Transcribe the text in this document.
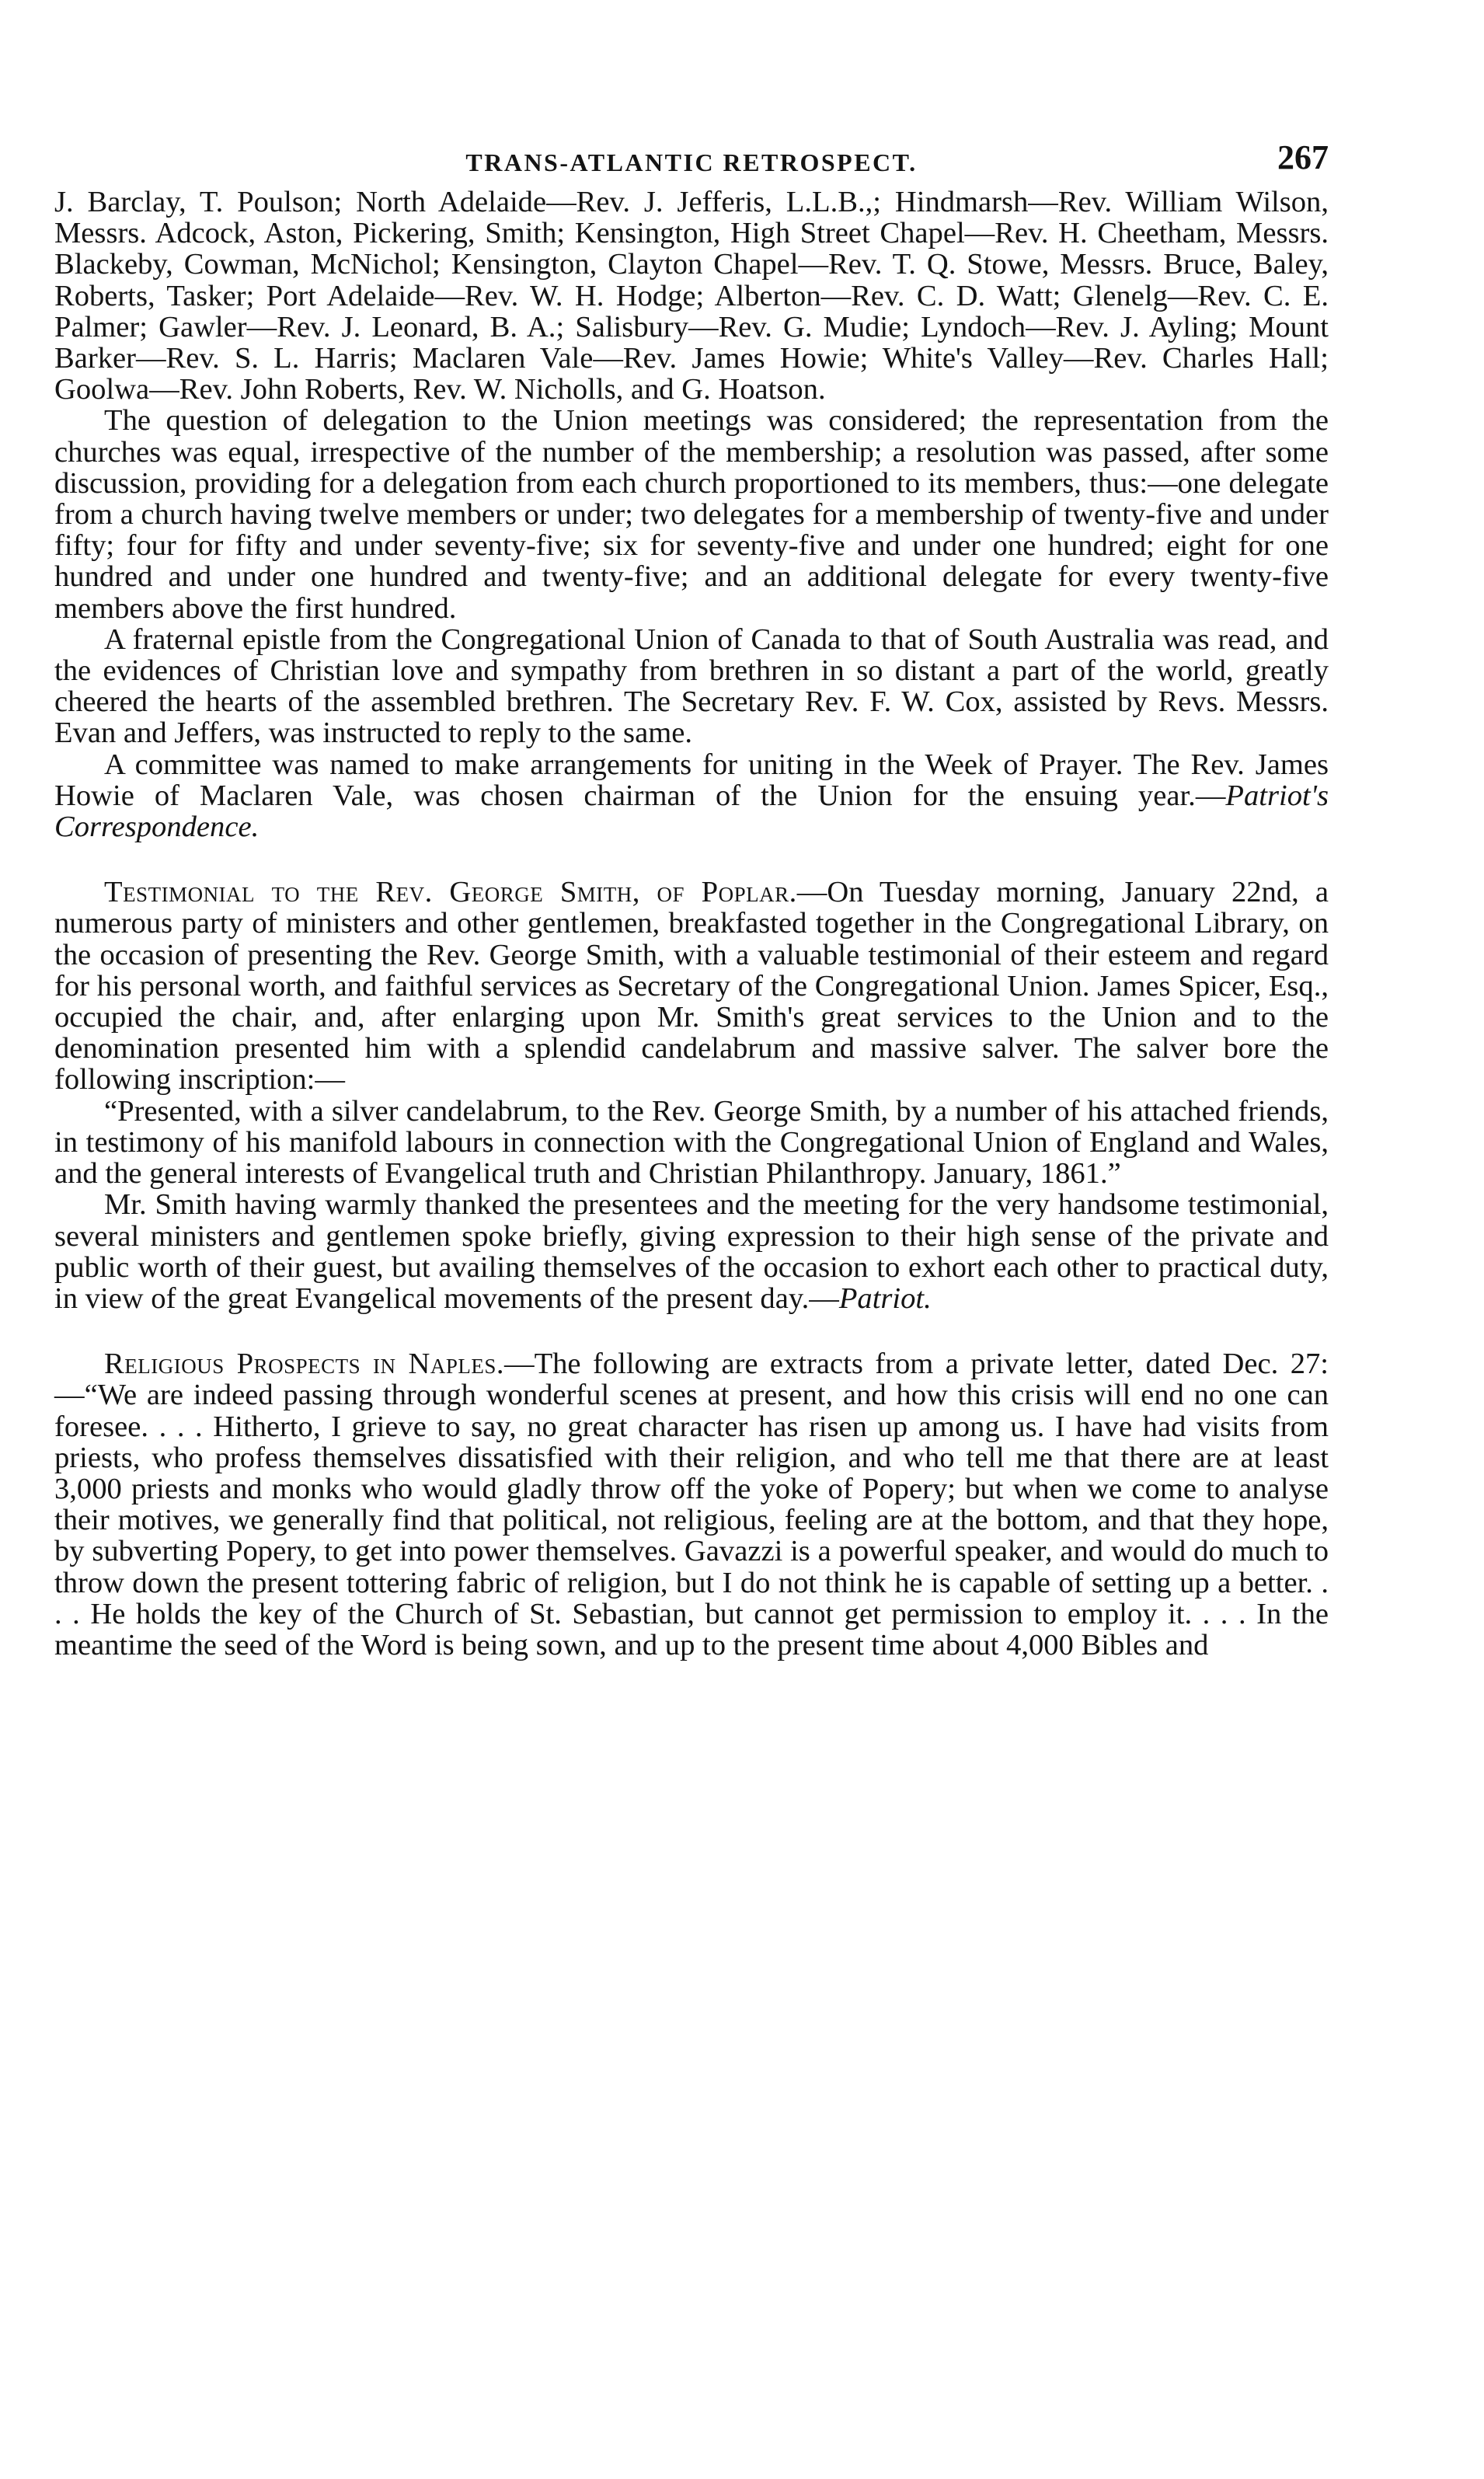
TRANS-ATLANTIC RETROSPECT.	267

J. Barclay, T. Poulson; North Adelaide—Rev. J. Jefferis, L.L.B.,; Hindmarsh—Rev. William Wilson, Messrs. Adcock, Aston, Pickering, Smith; Kensington, High Street Chapel—Rev. H. Cheetham, Messrs. Blackeby, Cowman, McNichol; Kensington, Clayton Chapel—Rev. T. Q. Stowe, Messrs. Bruce, Baley, Roberts, Tasker; Port Adelaide—Rev. W. H. Hodge; Alberton—Rev. C. D. Watt; Glenelg—Rev. C. E. Palmer; Gawler—Rev. J. Leonard, B. A.; Salisbury—Rev. G. Mudie; Lyndoch—Rev. J. Ayling; Mount Barker—Rev. S. L. Harris; Maclaren Vale—Rev. James Howie; White's Valley—Rev. Charles Hall; Goolwa—Rev. John Roberts, Rev. W. Nicholls, and G. Hoatson.

The question of delegation to the Union meetings was considered; the representation from the churches was equal, irrespective of the number of the membership; a resolution was passed, after some discussion, providing for a delegation from each church proportioned to its members, thus:—one delegate from a church having twelve members or under; two delegates for a membership of twenty-five and under fifty; four for fifty and under seventy-five; six for seventy-five and under one hundred; eight for one hundred and under one hundred and twenty-five; and an additional delegate for every twenty-five members above the first hundred.

A fraternal epistle from the Congregational Union of Canada to that of South Australia was read, and the evidences of Christian love and sympathy from brethren in so distant a part of the world, greatly cheered the hearts of the assembled brethren. The Secretary Rev. F. W. Cox, assisted by Revs. Messrs. Evan and Jeffers, was instructed to reply to the same.

A committee was named to make arrangements for uniting in the Week of Prayer. The Rev. James Howie of Maclaren Vale, was chosen chairman of the Union for the ensuing year.—Patriot's Correspondence.

Testimonial to the Rev. George Smith, of Poplar.—On Tuesday morning, January 22nd, a numerous party of ministers and other gentlemen, breakfasted together in the Congregational Library, on the occasion of presenting the Rev. George Smith, with a valuable testimonial of their esteem and regard for his personal worth, and faithful services as Secretary of the Congregational Union. James Spicer, Esq., occupied the chair, and, after enlarging upon Mr. Smith's great services to the Union and to the denomination presented him with a splendid candelabrum and massive salver. The salver bore the following inscription:—

“Presented, with a silver candelabrum, to the Rev. George Smith, by a number of his attached friends, in testimony of his manifold labours in connection with the Congregational Union of England and Wales, and the general interests of Evangelical truth and Christian Philanthropy. January, 1861.”

Mr. Smith having warmly thanked the presentees and the meeting for the very handsome testimonial, several ministers and gentlemen spoke briefly, giving expression to their high sense of the private and public worth of their guest, but availing themselves of the occasion to exhort each other to practical duty, in view of the great Evangelical movements of the present day.—Patriot.

Religious Prospects in Naples.—The following are extracts from a private letter, dated Dec. 27:—“We are indeed passing through wonderful scenes at present, and how this crisis will end no one can foresee. . . . Hitherto, I grieve to say, no great character has risen up among us. I have had visits from priests, who profess themselves dissatisfied with their religion, and who tell me that there are at least 3,000 priests and monks who would gladly throw off the yoke of Popery; but when we come to analyse their motives, we generally find that political, not religious, feeling are at the bottom, and that they hope, by subverting Popery, to get into power themselves. Gavazzi is a powerful speaker, and would do much to throw down the present tottering fabric of religion, but I do not think he is capable of setting up a better. . . . He holds the key of the Church of St. Sebastian, but cannot get permission to employ it. . . . In the meantime the seed of the Word is being sown, and up to the present time about 4,000 Bibles and
